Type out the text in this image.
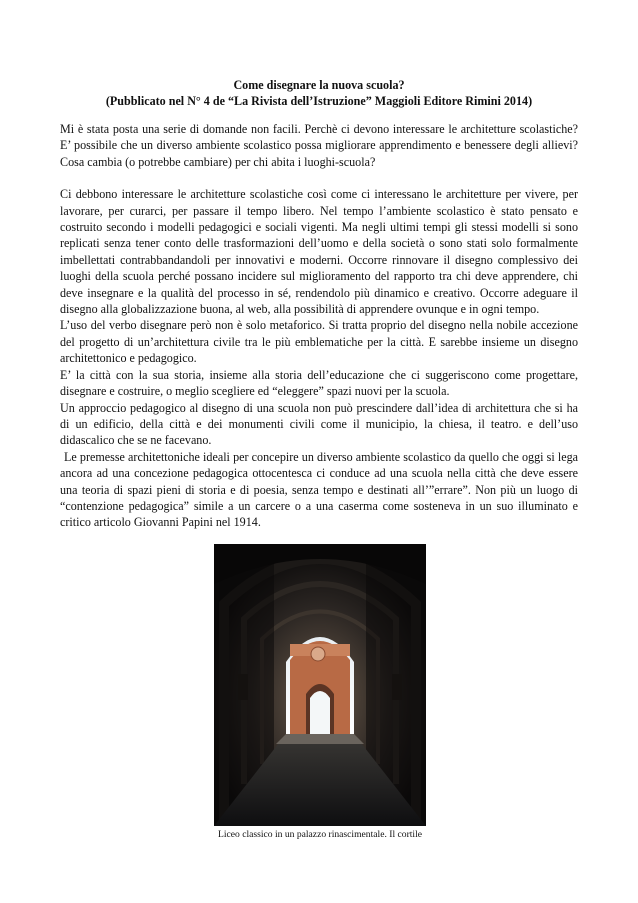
Come disegnare la nuova scuola?
(Pubblicato nel N° 4 de “La Rivista dell’Istruzione” Maggioli Editore Rimini 2014)

Mi è stata posta una serie di domande non facili. Perchè ci devono interessare le architetture scolastiche? E’ possibile che un diverso ambiente scolastico possa migliorare apprendimento e benessere degli allievi? Cosa cambia (o potrebbe cambiare) per chi abita i luoghi-scuola?

Ci debbono interessare le architetture scolastiche così come ci interessano le architetture per vivere, per lavorare, per curarci, per passare il tempo libero. Nel tempo l’ambiente scolastico è stato pensato e costruito secondo i modelli pedagogici e sociali vigenti. Ma negli ultimi tempi gli stessi modelli si sono replicati senza tener conto delle trasformazioni dell’uomo e della società o sono stati solo formalmente imbellettati contrabbandandoli per innovativi e moderni. Occorre rinnovare il disegno complessivo dei luoghi della scuola perché possano incidere sul miglioramento del rapporto tra chi deve apprendere, chi deve insegnare e la qualità del processo in sé, rendendolo più dinamico e creativo. Occorre adeguare il disegno alla globalizzazione buona, al web, alla possibilità di apprendere ovunque e in ogni tempo.

L’uso del verbo disegnare però non è solo metaforico. Si tratta proprio del disegno nella nobile accezione del progetto di un’architettura civile tra le più emblematiche per la città. E sarebbe insieme un disegno architettonico e pedagogico.

E’ la città con la sua storia, insieme alla storia dell’educazione che ci suggeriscono come progettare, disegnare e costruire, o meglio scegliere ed “eleggere” spazi nuovi per la scuola.

Un approccio pedagogico al disegno di una scuola non può prescindere dall’idea di architettura che si ha di un edificio, della città e dei monumenti civili come il municipio, la chiesa, il teatro. e dell’uso didascalico che se ne facevano.

Le premesse architettoniche ideali per concepire un diverso ambiente scolastico da quello che oggi si lega ancora ad una concezione pedagogica ottocentesca ci conduce ad una scuola nella città che deve essere una teoria di spazi pieni di storia e di poesia, senza tempo e destinati all’”errare”. Non più un luogo di “contenzione pedagogica” simile a un carcere o a una caserma come sosteneva in un suo illuminato e critico articolo Giovanni Papini nel 1914.

Liceo classico in un palazzo rinascimentale. Il cortile
